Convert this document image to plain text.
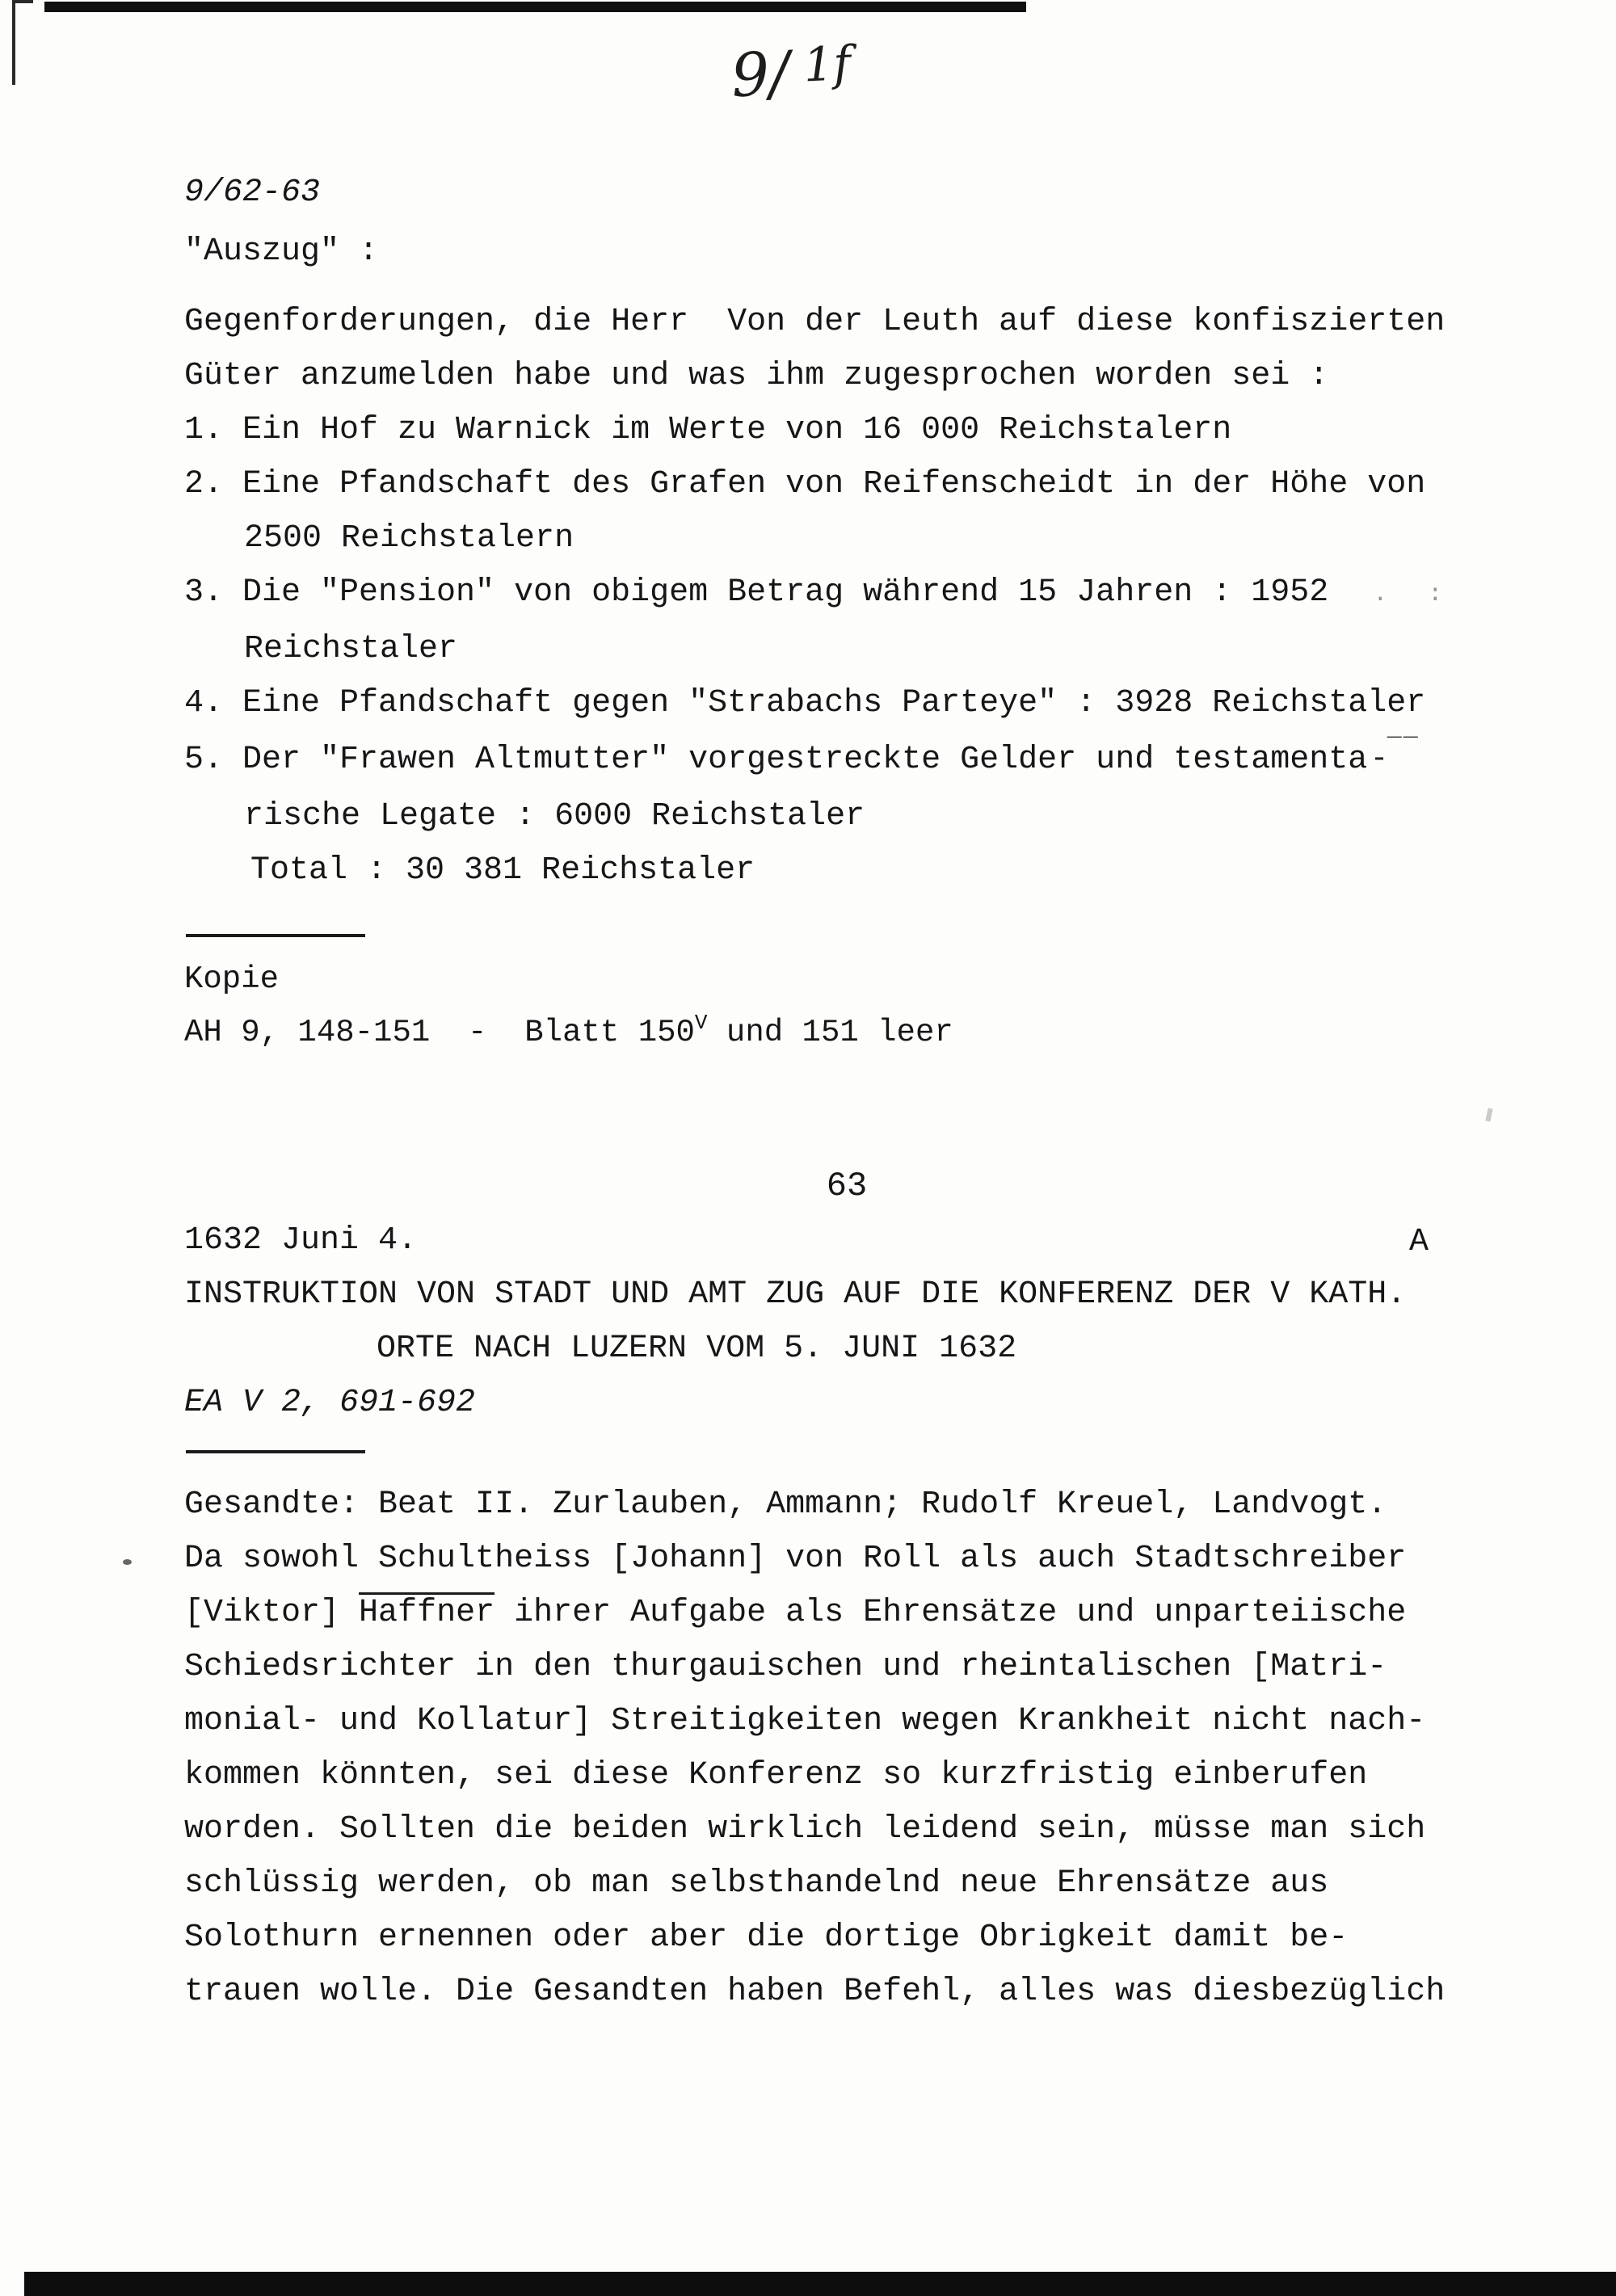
9/ 1f
9/62-63
"Auszug" :
Gegenforderungen, die Herr  Von der Leuth auf diese konfiszierten
Güter anzumelden habe und was ihm zugesprochen worden sei :
1. Ein Hof zu Warnick im Werte von 16 000 Reichstalern
2. Eine Pfandschaft des Grafen von Reifenscheidt in der Höhe von
2500 Reichstalern
3. Die "Pension" von obigem Betrag während 15 Jahren : 1952 . :
Reichstaler
4. Eine Pfandschaft gegen "Strabachs Parteye" : 3928 Reichstaler
5. Der "Frawen Altmutter" vorgestreckte Gelder und testamenta - ‾‾
rische Legate : 6000 Reichstaler
Total : 30 381 Reichstaler
Kopie
AH 9, 148-151  -  Blatt $150^V$ und 151 leer
63
1632 Juni 4.	A
INSTRUKTION VON STADT UND AMT ZUG AUF DIE KONFERENZ DER V KATH.
ORTE NACH LUZERN VOM 5. JUNI 1632
EA V 2, 691-692
Gesandte: Beat II. Zurlauben, Ammann; Rudolf Kreuel, Landvogt.
Da sowohl Schultheiss [Johann] von Roll als auch Stadtschreiber
[Viktor] Haffner ihrer Aufgabe als Ehrensätze und unparteiische
Schiedsrichter in den thurgauischen und rheintalischen [Matri-
monial- und Kollatur] Streitigkeiten wegen Krankheit nicht nach-
kommen könnten, sei diese Konferenz so kurzfristig einberufen
worden. Sollten die beiden wirklich leidend sein, müsse man sich
schlüssig werden, ob man selbsthandelnd neue Ehrensätze aus
Solothurn ernennen oder aber die dortige Obrigkeit damit be-
trauen wolle. Die Gesandten haben Befehl, alles was diesbezüglich
